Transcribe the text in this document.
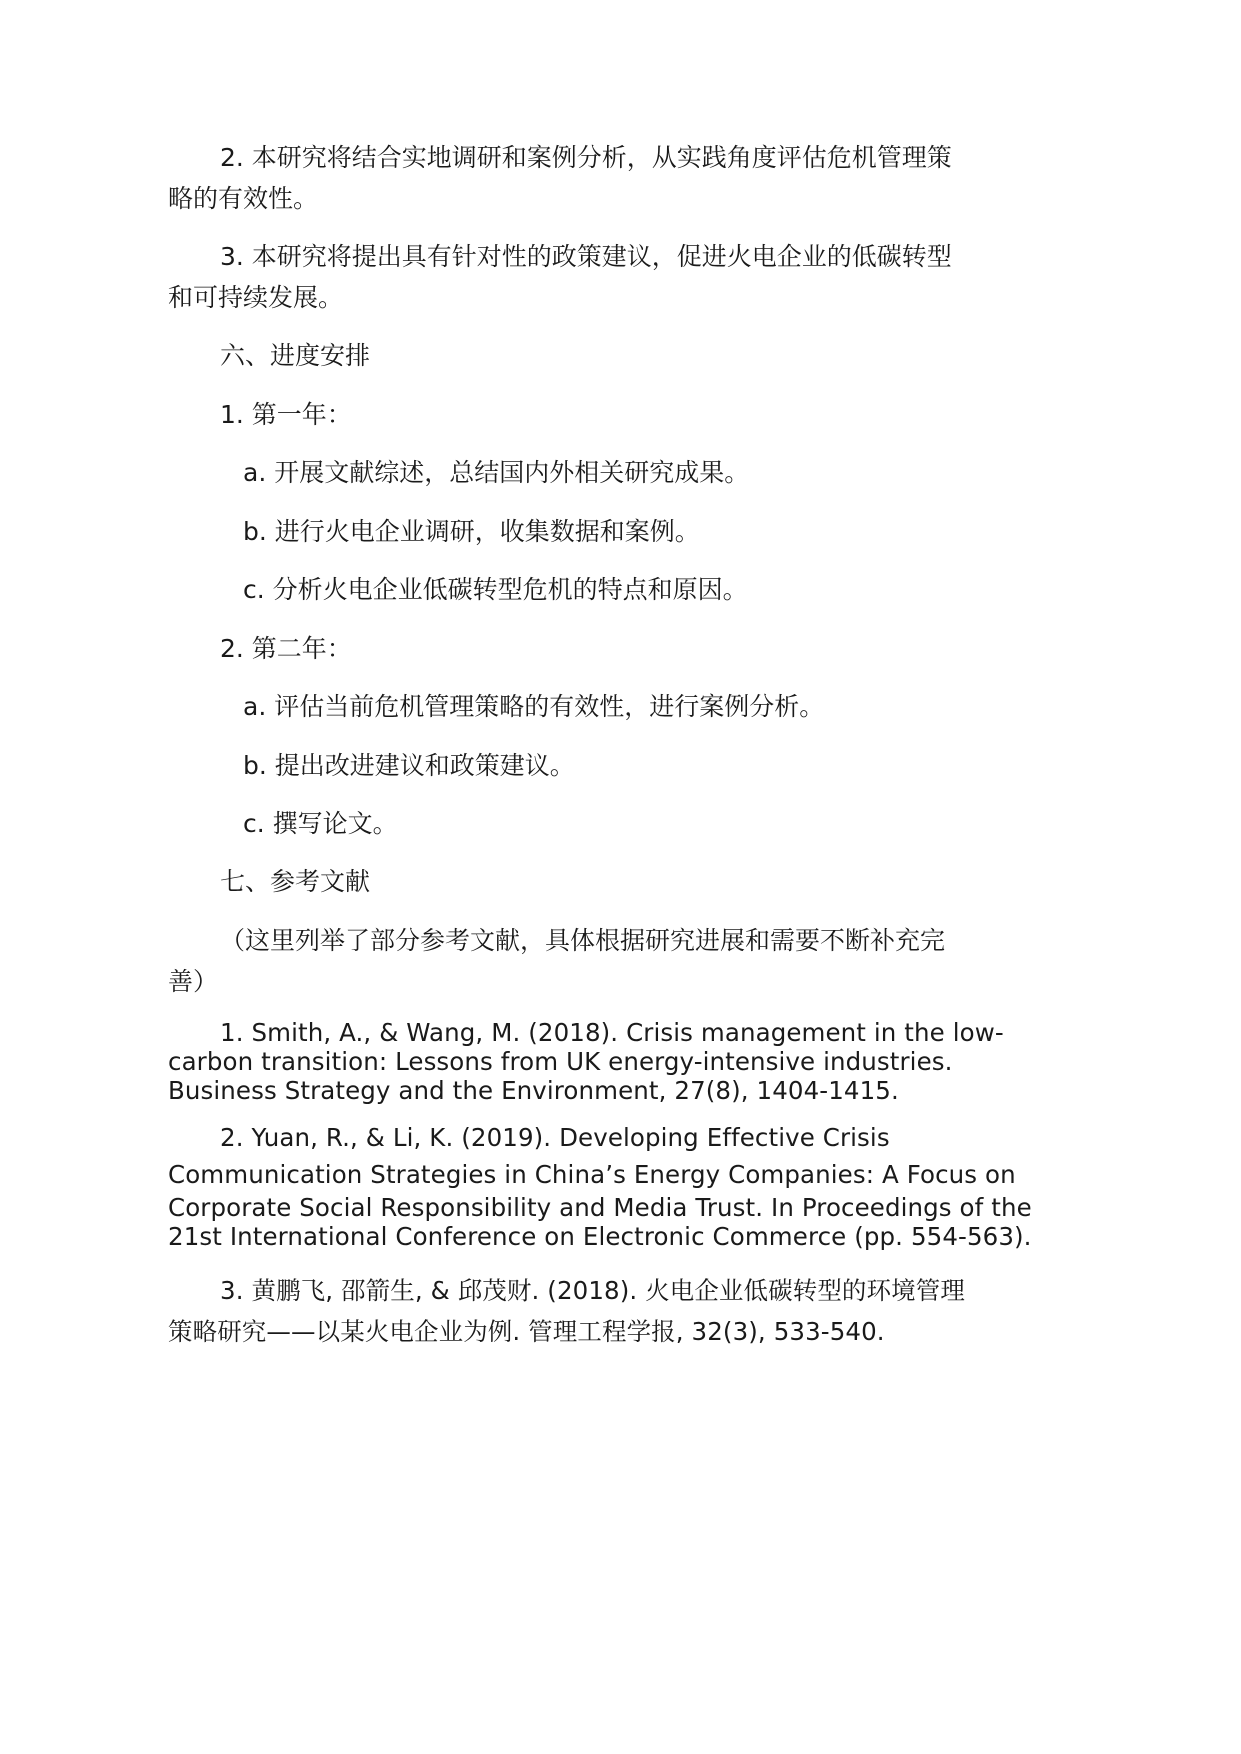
2. 本研究将结合实地调研和案例分析，从实践角度评估危机管理策
略的有效性。
3. 本研究将提出具有针对性的政策建议，促进火电企业的低碳转型
和可持续发展。
六、进度安排
1. 第一年：
a. 开展文献综述，总结国内外相关研究成果。
b. 进行火电企业调研，收集数据和案例。
c. 分析火电企业低碳转型危机的特点和原因。
2. 第二年：
a. 评估当前危机管理策略的有效性，进行案例分析。
b. 提出改进建议和政策建议。
c. 撰写论文。
七、参考文献
（这里列举了部分参考文献，具体根据研究进展和需要不断补充完
善）
1. Smith, A., & Wang, M. (2018). Crisis management in the low-
carbon transition: Lessons from UK energy-intensive industries.
Business Strategy and the Environment, 27(8), 1404-1415.
2. Yuan, R., & Li, K. (2019). Developing Effective Crisis
Communication Strategies in China’s Energy Companies: A Focus on
Corporate Social Responsibility and Media Trust. In Proceedings of the
21st International Conference on Electronic Commerce (pp. 554-563).
3. 黄鹏飞, 邵箭生, & 邱茂财. (2018). 火电企业低碳转型的环境管理
策略研究——以某火电企业为例. 管理工程学报, 32(3), 533-540.
